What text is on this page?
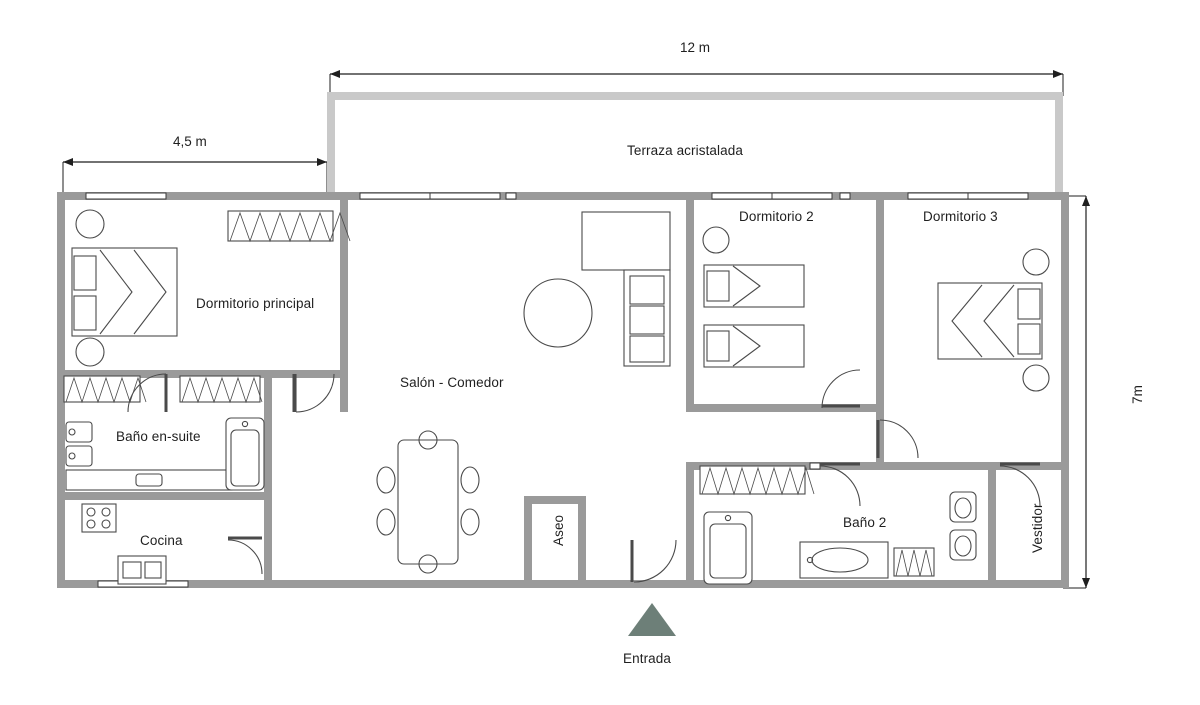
12 m
4,5 m
7m
Terraza acristalada
Dormitorio principal
Baño en-suite
Cocina
Salón - Comedor
Aseo
Dormitorio 2	Dormitorio 3
Baño 2	Vestidor
Entrada
